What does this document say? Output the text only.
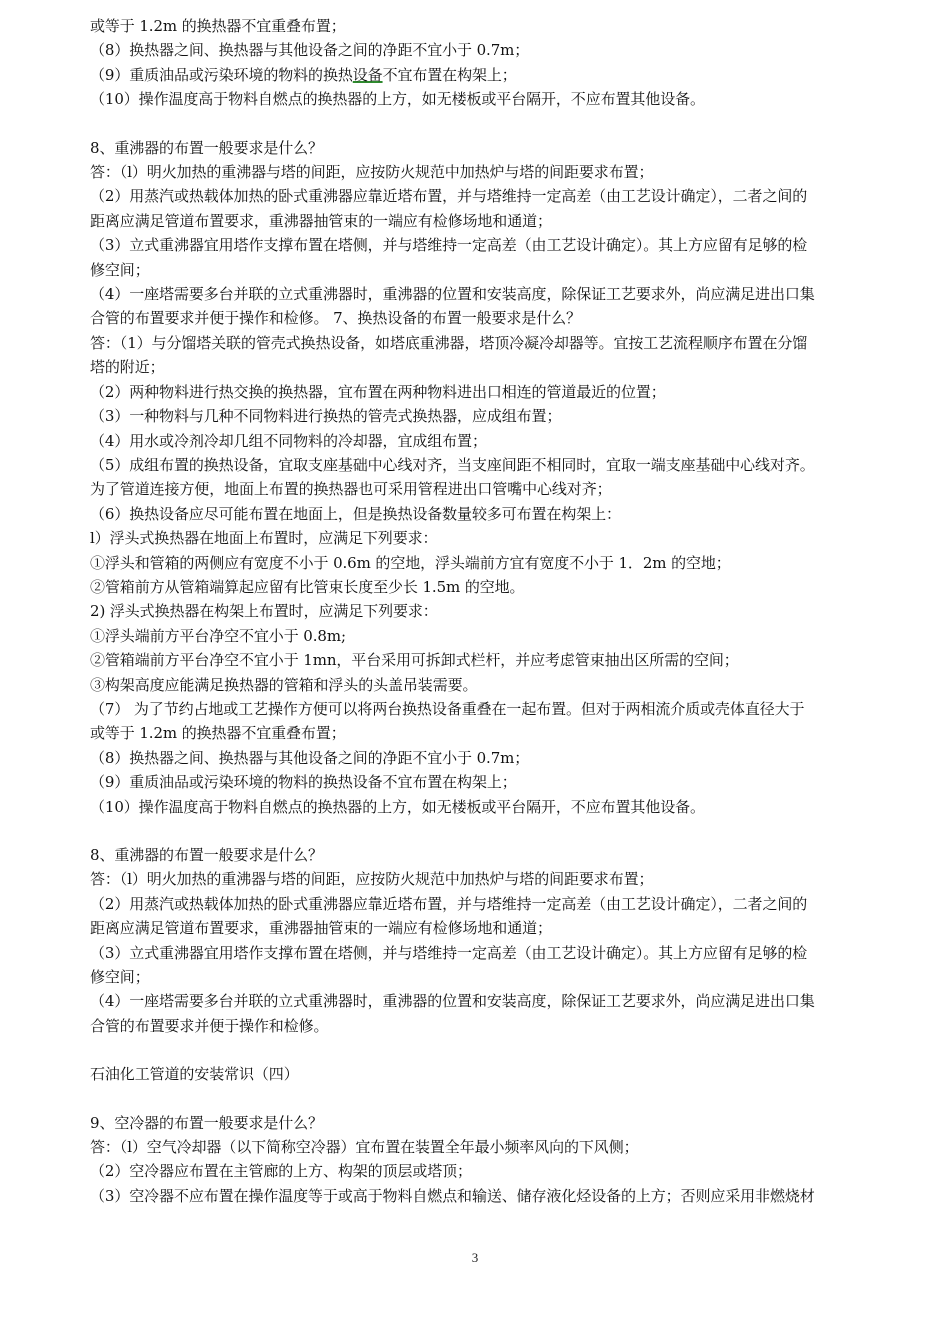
或等于 1.2m 的换热器不宜重叠布置；
（8）换热器之间、换热器与其他设备之间的净距不宜小于 0.7m；
（9）重质油品或污染环境的物料的换热设备不宜布置在构架上；
（10）操作温度高于物料自燃点的换热器的上方，如无楼板或平台隔开，不应布置其他设备。
8、重沸器的布置一般要求是什么？
答：（l）明火加热的重沸器与塔的间距，应按防火规范中加热炉与塔的间距要求布置；
（2）用蒸汽或热载体加热的卧式重沸器应靠近塔布置，并与塔维持一定高差（由工艺设计确定），二者之间的
距离应满足管道布置要求，重沸器抽管束的一端应有检修场地和通道；
（3）立式重沸器宜用塔作支撑布置在塔侧，并与塔维持一定高差（由工艺设计确定）。其上方应留有足够的检
修空间；
（4）一座塔需要多台并联的立式重沸器时，重沸器的位置和安装高度，除保证工艺要求外，尚应满足进出口集
合管的布置要求并便于操作和检修。 7、换热设备的布置一般要求是什么？
答：（1）与分馏塔关联的管壳式换热设备，如塔底重沸器，塔顶冷凝冷却器等。宜按工艺流程顺序布置在分馏
塔的附近；
（2）两种物料进行热交换的换热器，宜布置在两种物料进出口相连的管道最近的位置；
（3）一种物料与几种不同物料进行换热的管壳式换热器，应成组布置；
（4）用水或冷剂冷却几组不同物料的冷却器，宜成组布置；
（5）成组布置的换热设备，宜取支座基础中心线对齐，当支座间距不相同时，宜取一端支座基础中心线对齐。
为了管道连接方便，地面上布置的换热器也可采用管程进出口管嘴中心线对齐；
（6）换热设备应尽可能布置在地面上，但是换热设备数量较多可布置在构架上：
l）浮头式换热器在地面上布置时，应满足下列要求：
①浮头和管箱的两侧应有宽度不小于 0.6m 的空地，浮头端前方宜有宽度不小于 1．2m 的空地；
②管箱前方从管箱端算起应留有比管束长度至少长 1.5m 的空地。
2) 浮头式换热器在构架上布置时，应满足下列要求：
①浮头端前方平台净空不宜小于 0.8m;
②管箱端前方平台净空不宜小于 1mn，平台采用可拆卸式栏杆，并应考虑管束抽出区所需的空间；
③构架高度应能满足换热器的管箱和浮头的头盖吊装需要。
（7） 为了节约占地或工艺操作方便可以将两台换热设备重叠在一起布置。但对于两相流介质或壳体直径大于
或等于 1.2m 的换热器不宜重叠布置；
（8）换热器之间、换热器与其他设备之间的净距不宜小于 0.7m；
（9）重质油品或污染环境的物料的换热设备不宜布置在构架上；
（10）操作温度高于物料自燃点的换热器的上方，如无楼板或平台隔开，不应布置其他设备。
8、重沸器的布置一般要求是什么？
答：（l）明火加热的重沸器与塔的间距，应按防火规范中加热炉与塔的间距要求布置；
（2）用蒸汽或热载体加热的卧式重沸器应靠近塔布置，并与塔维持一定高差（由工艺设计确定），二者之间的
距离应满足管道布置要求，重沸器抽管束的一端应有检修场地和通道；
（3）立式重沸器宜用塔作支撑布置在塔侧，并与塔维持一定高差（由工艺设计确定）。其上方应留有足够的检
修空间；
（4）一座塔需要多台并联的立式重沸器时，重沸器的位置和安装高度，除保证工艺要求外，尚应满足进出口集
合管的布置要求并便于操作和检修。
石油化工管道的安装常识（四）
9、空冷器的布置一般要求是什么？
答：（l）空气冷却器（以下简称空冷器）宜布置在装置全年最小频率风向的下风侧；
（2）空冷器应布置在主管廊的上方、构架的顶层或塔顶；
（3）空冷器不应布置在操作温度等于或高于物料自燃点和输送、储存液化烃设备的上方；否则应采用非燃烧材
3
